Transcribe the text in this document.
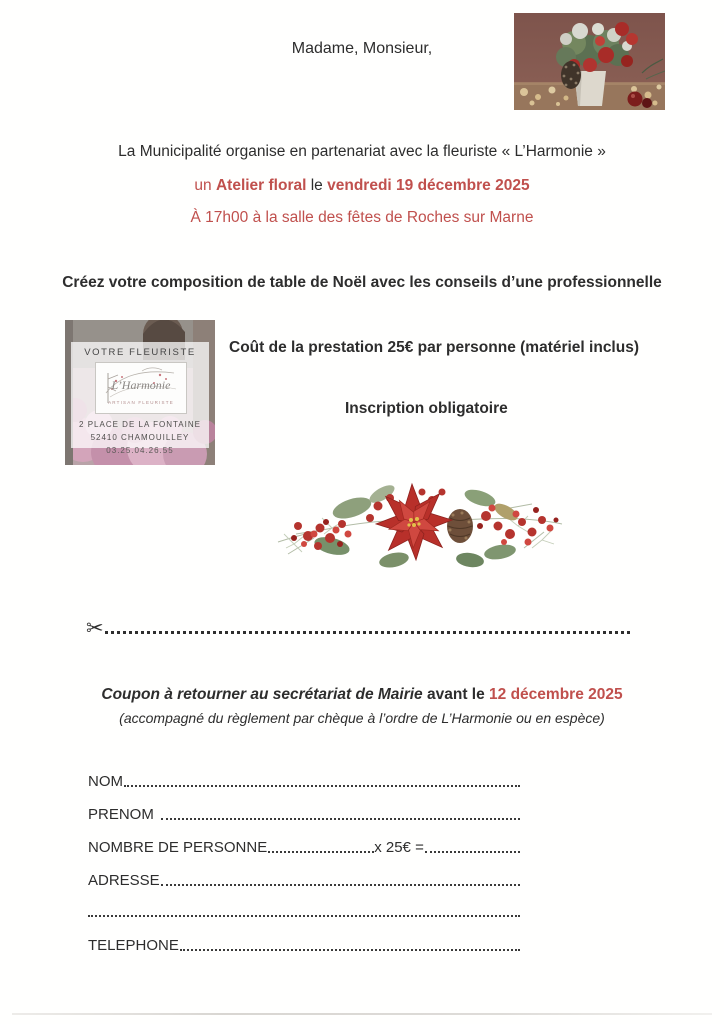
Madame, Monsieur,
La Municipalité organise en partenariat avec la fleuriste « L’Harmonie »
un Atelier floral le vendredi 19 décembre 2025
À 17h00 à la salle des fêtes de Roches sur Marne
Créez votre composition de table de Noël avec les conseils d’une professionnelle
VOTRE FLEURISTE
L’Harmonie
ARTISAN FLEURISTE
2 PLACE DE LA FONTAINE
52410 CHAMOUILLEY
03.25.04.26.55
Coût de la prestation 25€ par personne (matériel inclus)
Inscription obligatoire
✂
Coupon à retourner au secrétariat de Mairie avant le 12 décembre 2025
(accompagné du règlement par chèque à l’ordre de L’Harmonie ou en espèce)
NOM
PRENOM
NOMBRE DE PERSONNE	x 25€ =
ADRESSE
TELEPHONE
